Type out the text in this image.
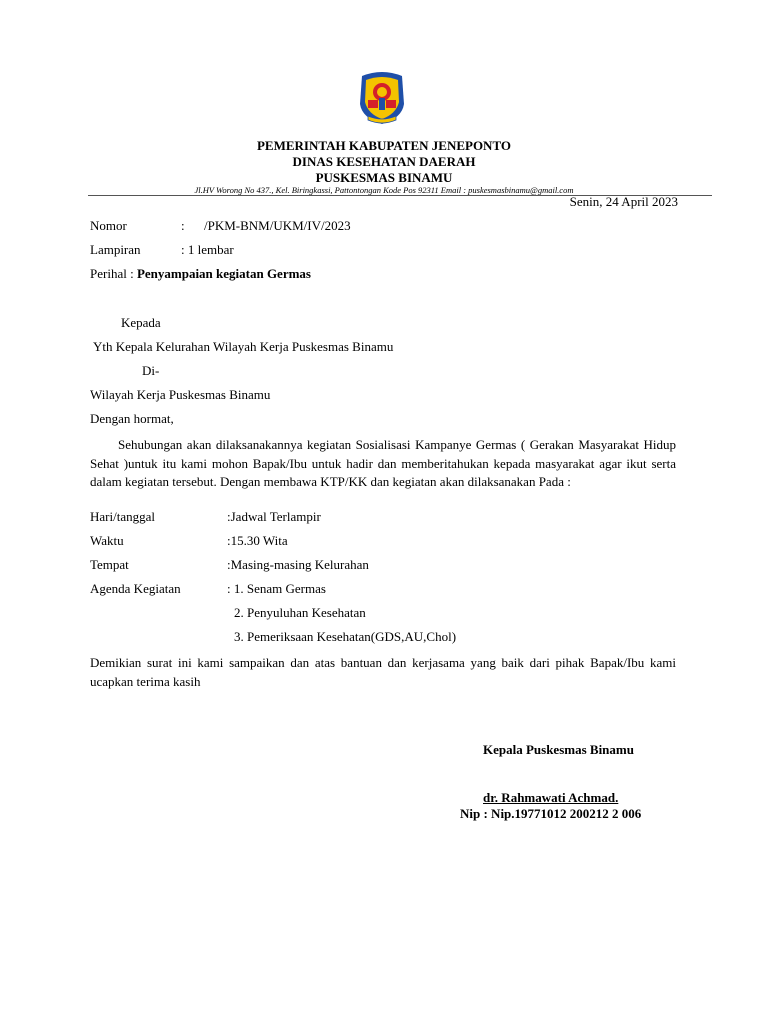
PEMERINTAH KABUPATEN JENEPONTO
DINAS KESEHATAN DAERAH
PUSKESMAS BINAMU
Jl.HV Worong No 437., Kel. Biringkassi, Pattontongan Kode Pos 92311 Email : puskesmasbinamu@gmail.com
Senin, 24 April 2023
Nomor	: /PKM-BNM/UKM/IV/2023
Lampiran	: 1 lembar
Perihal : Penyampaian kegiatan Germas
Kepada
Yth Kepala Kelurahan Wilayah Kerja Puskesmas Binamu
Di-
Wilayah Kerja Puskesmas Binamu
Dengan hormat,
Sehubungan akan dilaksanakannya kegiatan Sosialisasi Kampanye Germas ( Gerakan Masyarakat Hidup Sehat )untuk itu kami mohon Bapak/Ibu untuk hadir dan memberitahukan kepada masyarakat agar ikut serta dalam kegiatan tersebut. Dengan membawa KTP/KK dan kegiatan akan dilaksanakan Pada :
Hari/tanggal	:Jadwal Terlampir
Waktu	:15.30 Wita
Tempat	:Masing-masing Kelurahan
Agenda Kegiatan	: 1. Senam Germas
2. Penyuluhan Kesehatan
3. Pemeriksaan Kesehatan(GDS,AU,Chol)
Demikian surat ini kami sampaikan dan atas bantuan dan kerjasama yang baik dari pihak Bapak/Ibu kami ucapkan terima kasih
Kepala Puskesmas Binamu
dr. Rahmawati Achmad.
Nip : Nip.19771012 200212 2 006
